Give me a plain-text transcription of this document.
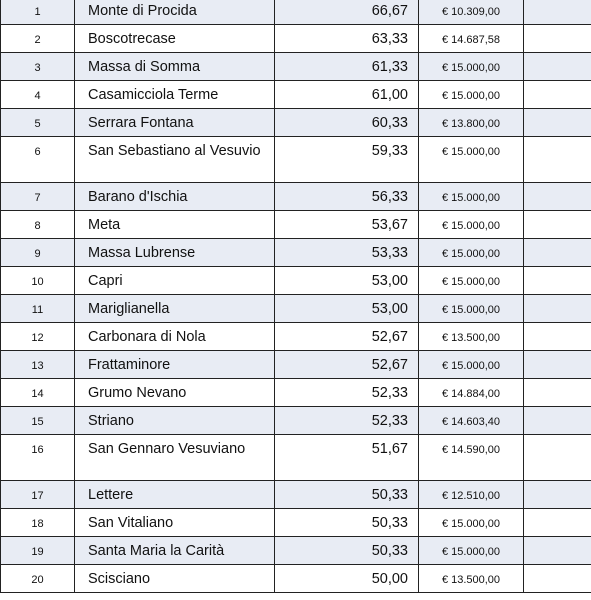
1	Monte di Procida	66,67	€ 10.309,00	
2	Boscotrecase	63,33	€ 14.687,58	
3	Massa di Somma	61,33	€ 15.000,00	
4	Casamicciola Terme	61,00	€ 15.000,00	
5	Serrara Fontana	60,33	€ 13.800,00	
6	San Sebastiano al Vesuvio	59,33	€ 15.000,00	
7	Barano d'Ischia	56,33	€ 15.000,00	
8	Meta	53,67	€ 15.000,00	
9	Massa Lubrense	53,33	€ 15.000,00	
10	Capri	53,00	€ 15.000,00	
11	Mariglianella	53,00	€ 15.000,00	
12	Carbonara di Nola	52,67	€ 13.500,00	
13	Frattaminore	52,67	€ 15.000,00	
14	Grumo Nevano	52,33	€ 14.884,00	
15	Striano	52,33	€ 14.603,40	
16	San Gennaro Vesuviano	51,67	€ 14.590,00	
17	Lettere	50,33	€ 12.510,00	
18	San Vitaliano	50,33	€ 15.000,00	
19	Santa Maria la Carità	50,33	€ 15.000,00	
20	Scisciano	50,00	€ 13.500,00	
